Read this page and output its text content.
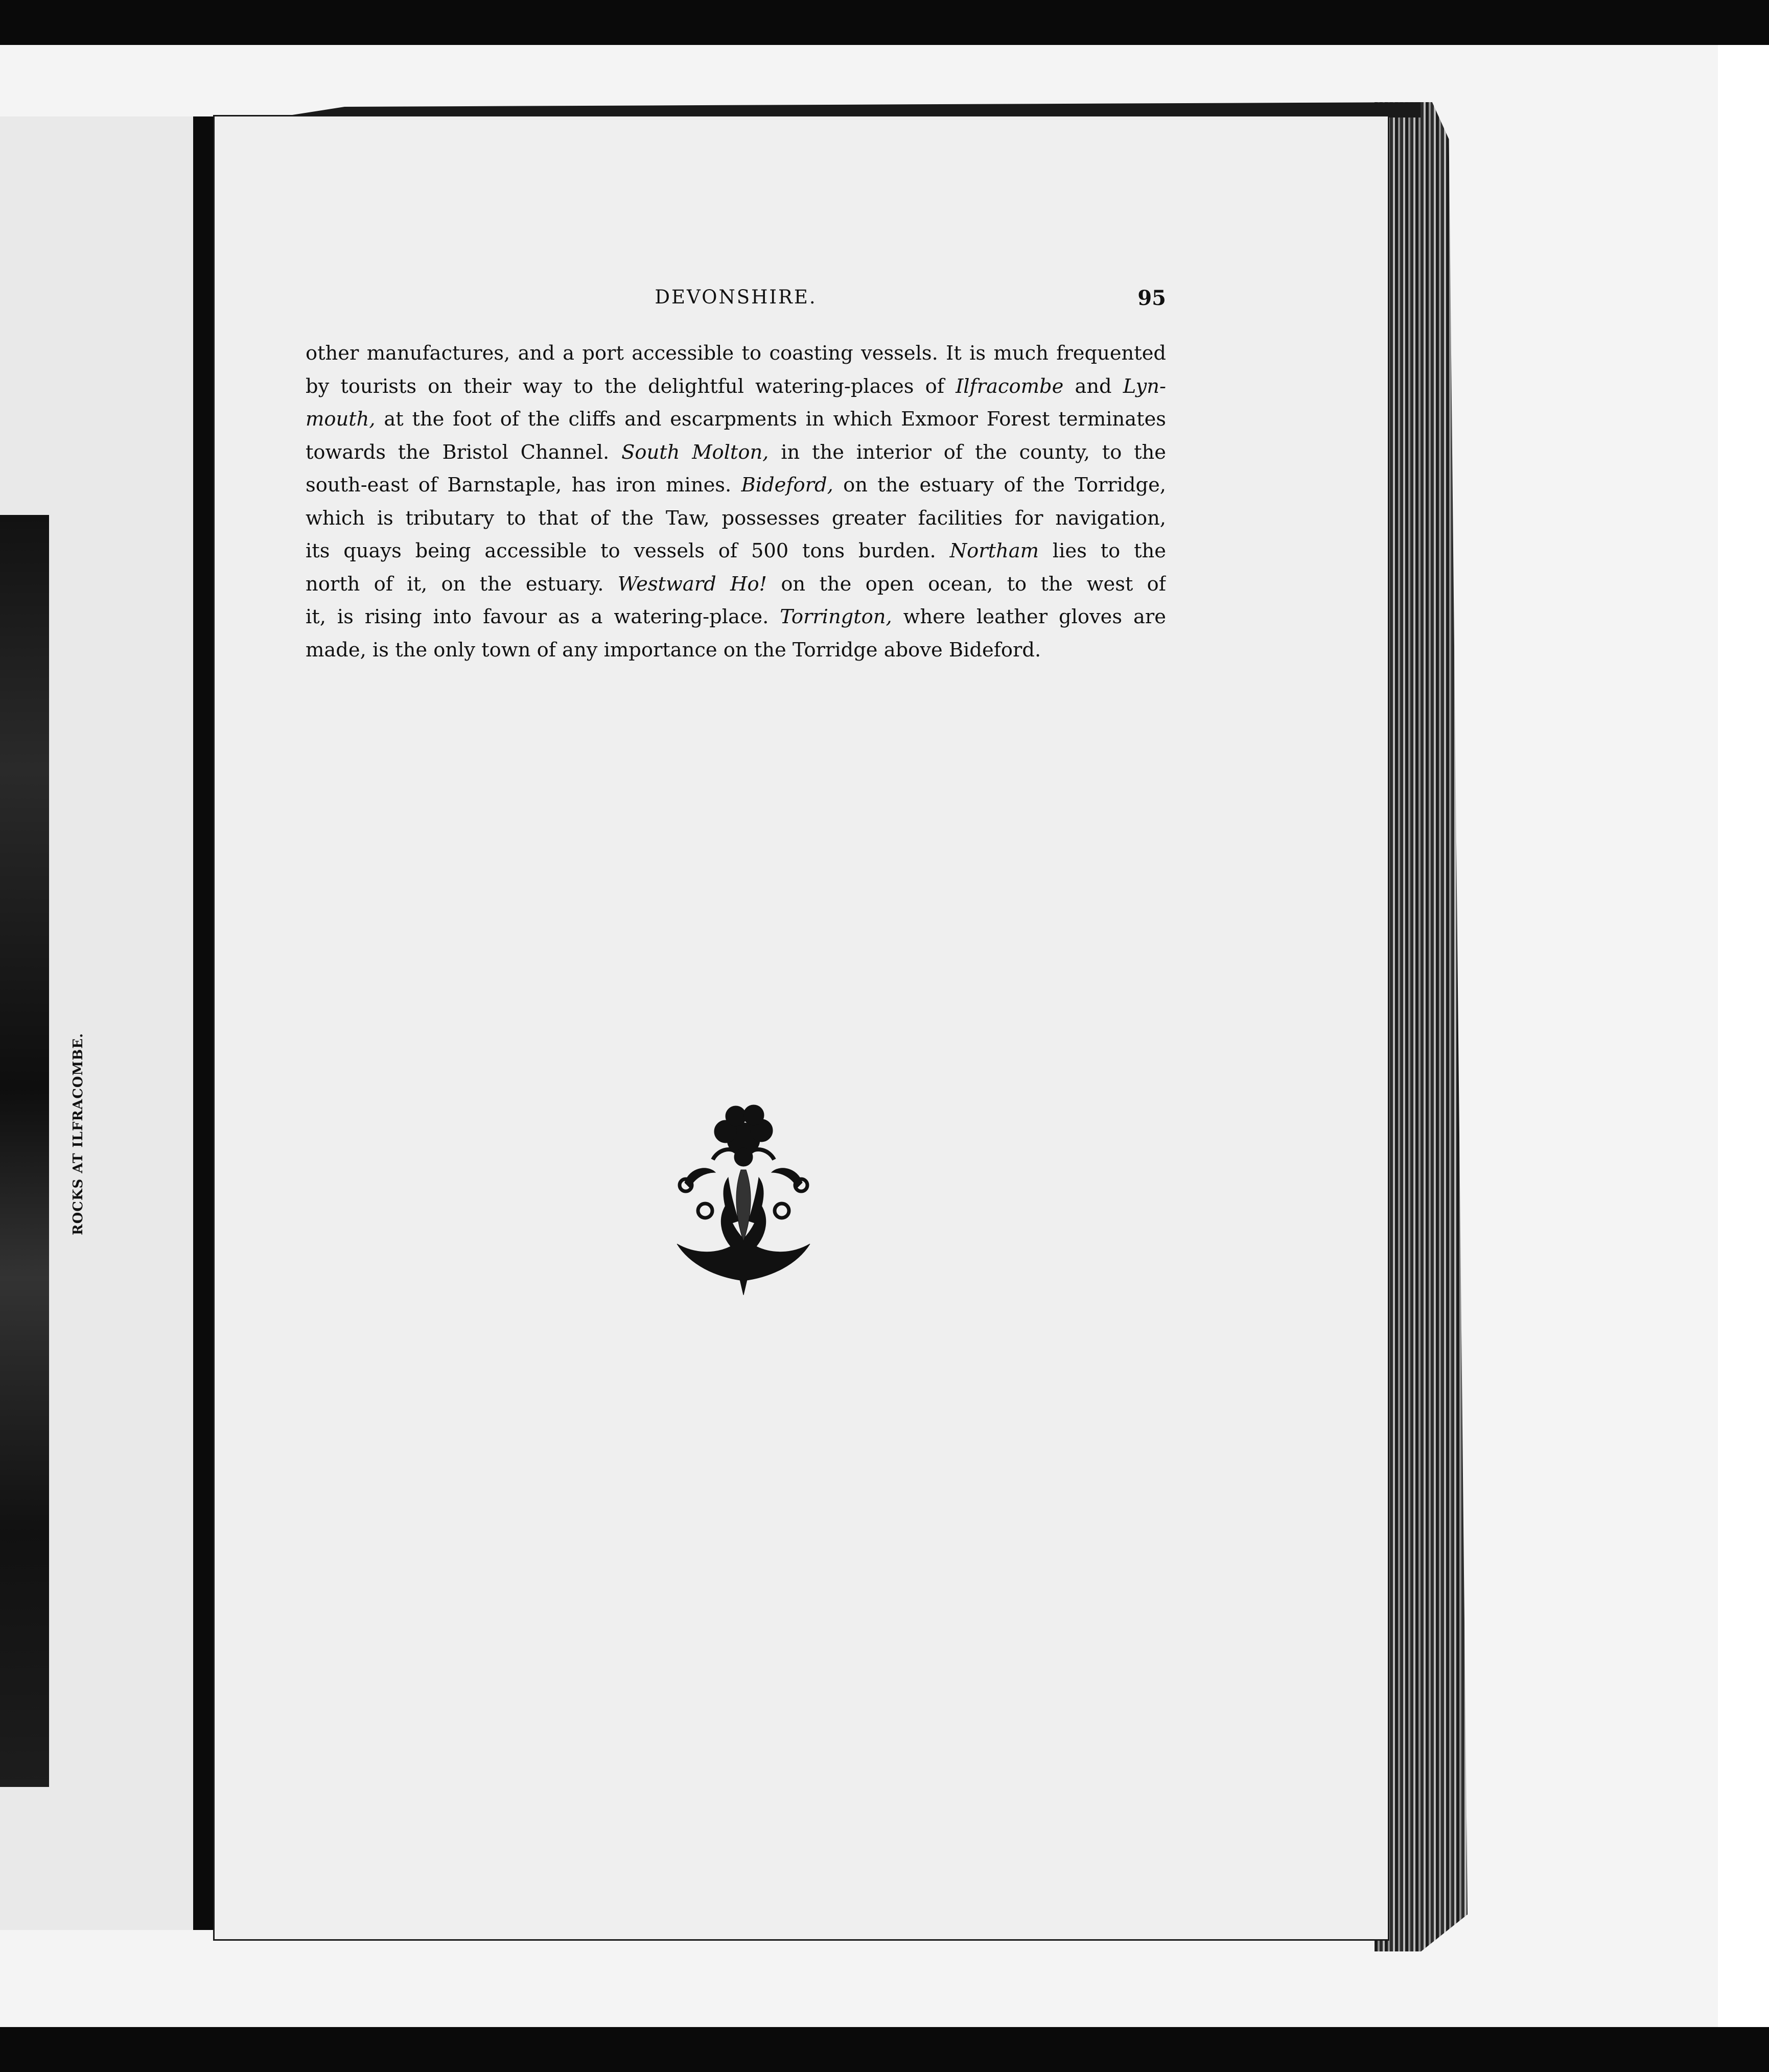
ROCKS AT ILFRACOMBE.
DEVONSHIRE.	95
other manufactures, and a port accessible to coasting vessels. It is much frequented
by tourists on their way to the delightful watering-places of Ilfracombe and Lyn-
mouth, at the foot of the cliffs and escarpments in which Exmoor Forest terminates
towards the Bristol Channel. South Molton, in the interior of the county, to the
south-east of Barnstaple, has iron mines. Bideford, on the estuary of the Torridge,
which is tributary to that of the Taw, possesses greater facilities for navigation,
its quays being accessible to vessels of 500 tons burden. Northam lies to the
north of it, on the estuary. Westward Ho! on the open ocean, to the west of
it, is rising into favour as a watering-place. Torrington, where leather gloves are
made, is the only town of any importance on the Torridge above Bideford.
